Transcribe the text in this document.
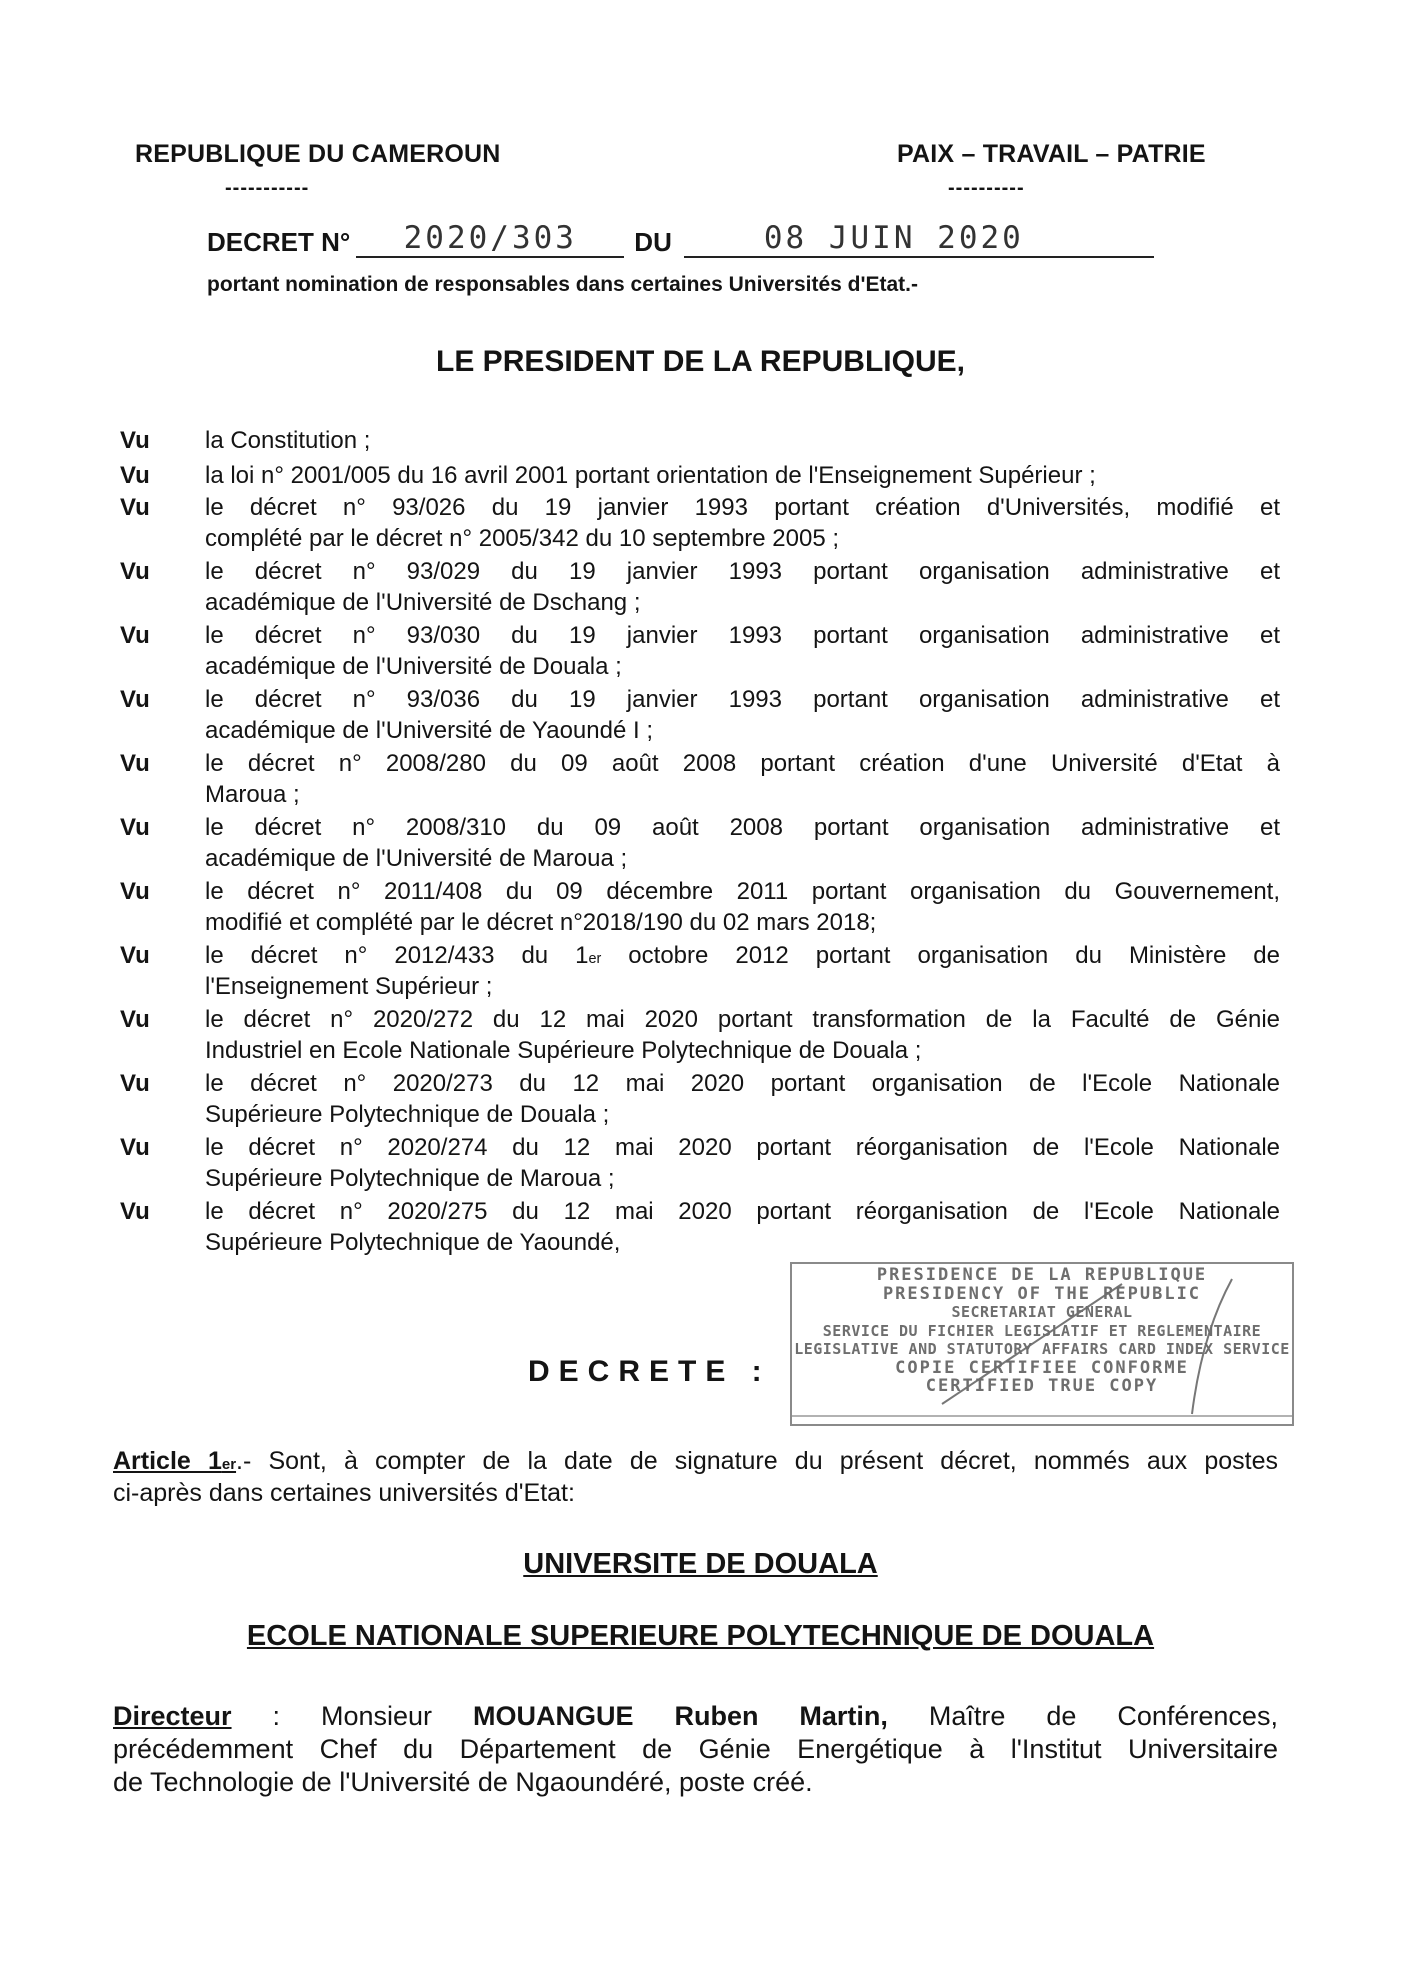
REPUBLIQUE DU CAMEROUN
-----------
PAIX – TRAVAIL – PATRIE
----------
DECRET N°	2020/303	DU	08 JUIN 2020
portant nomination de responsables dans certaines Universités d'Etat.-
LE PRESIDENT DE LA REPUBLIQUE,
Vu	la Constitution ;
Vu	la loi n° 2001/005 du 16 avril 2001 portant orientation de l'Enseignement Supérieur ;
Vu	le décret n° 93/026 du 19 janvier 1993 portant création d'Universités, modifié et
complété par le décret n° 2005/342 du 10 septembre 2005 ;
Vu	le décret n° 93/029 du 19 janvier 1993 portant organisation administrative et
académique de l'Université de Dschang ;
Vu	le décret n° 93/030 du 19 janvier 1993 portant organisation administrative et
académique de l'Université de Douala ;
Vu	le décret n° 93/036 du 19 janvier 1993 portant organisation administrative et
académique de l'Université de Yaoundé I ;
Vu	le décret n° 2008/280 du 09 août 2008 portant création d'une Université d'Etat à
Maroua ;
Vu	le décret n° 2008/310 du 09 août 2008 portant organisation administrative et
académique de l'Université de Maroua ;
Vu	le décret n° 2011/408 du 09 décembre 2011 portant organisation du Gouvernement,
modifié et complété par le décret n°2018/190 du 02 mars 2018;
Vu	le décret n° 2012/433 du 1er octobre 2012 portant organisation du Ministère de
l'Enseignement Supérieur ;
Vu	le décret n° 2020/272 du 12 mai 2020 portant transformation de la Faculté de Génie
Industriel en Ecole Nationale Supérieure Polytechnique de Douala ;
Vu	le décret n° 2020/273 du 12 mai 2020 portant organisation de l'Ecole Nationale
Supérieure Polytechnique de Douala ;
Vu	le décret n° 2020/274 du 12 mai 2020 portant réorganisation de l'Ecole Nationale
Supérieure Polytechnique de Maroua ;
Vu	le décret n° 2020/275 du 12 mai 2020 portant réorganisation de l'Ecole Nationale
Supérieure Polytechnique de Yaoundé,
PRESIDENCE DE LA REPUBLIQUE
PRESIDENCY OF THE REPUBLIC
SECRETARIAT GENERAL
SERVICE DU FICHIER LEGISLATIF ET REGLEMENTAIRE
LEGISLATIVE AND STATUTORY AFFAIRS CARD INDEX SERVICE
COPIE CERTIFIEE CONFORME
CERTIFIED TRUE COPY
DECRETE :
Article 1er.- Sont, à compter de la date de signature du présent décret, nommés aux postes
ci-après dans certaines universités d'Etat:
UNIVERSITE DE DOUALA
ECOLE NATIONALE SUPERIEURE POLYTECHNIQUE DE DOUALA
Directeur : Monsieur MOUANGUE Ruben Martin, Maître de Conférences,
précédemment Chef du Département de Génie Energétique à l'Institut Universitaire
de Technologie de l'Université de Ngaoundéré, poste créé.
